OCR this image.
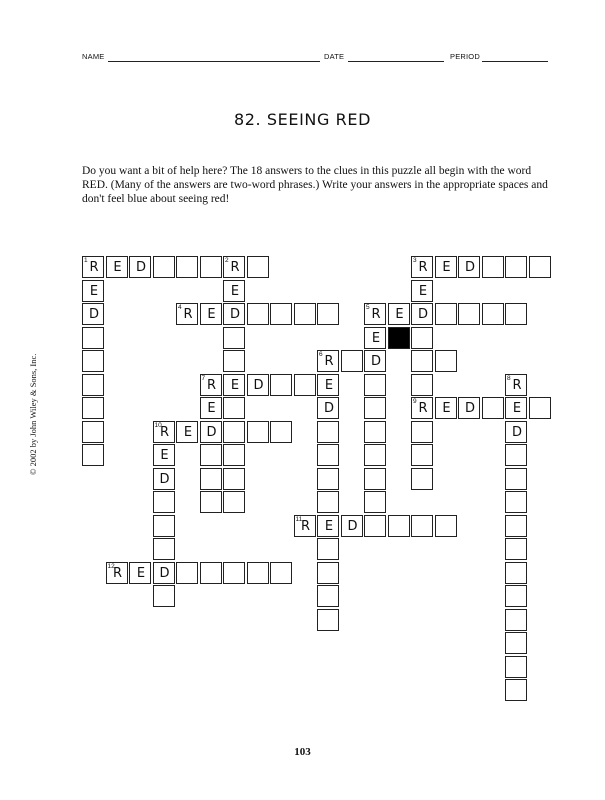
NAME	DATE	PERIOD
82. SEEING RED
Do you want a bit of help here? The 18 answers to the clues in this puzzle all begin with the word RED. (Many of the answers are two-word phrases.) Write your answers in the appropriate spaces and don't feel blue about seeing red!
© 2002 by John Wiley & Sons, Inc.
1 R	E	D	2 R
E
D
E
D
E
3 R	E	D
E
D
9 R
4 R	E	5 R	E
E
D
6 R
E
D
E
7 R	D
E
D
8 R
E
D
E	D
10
R	E
E
D
D
11
R	D
12
R	E
103
